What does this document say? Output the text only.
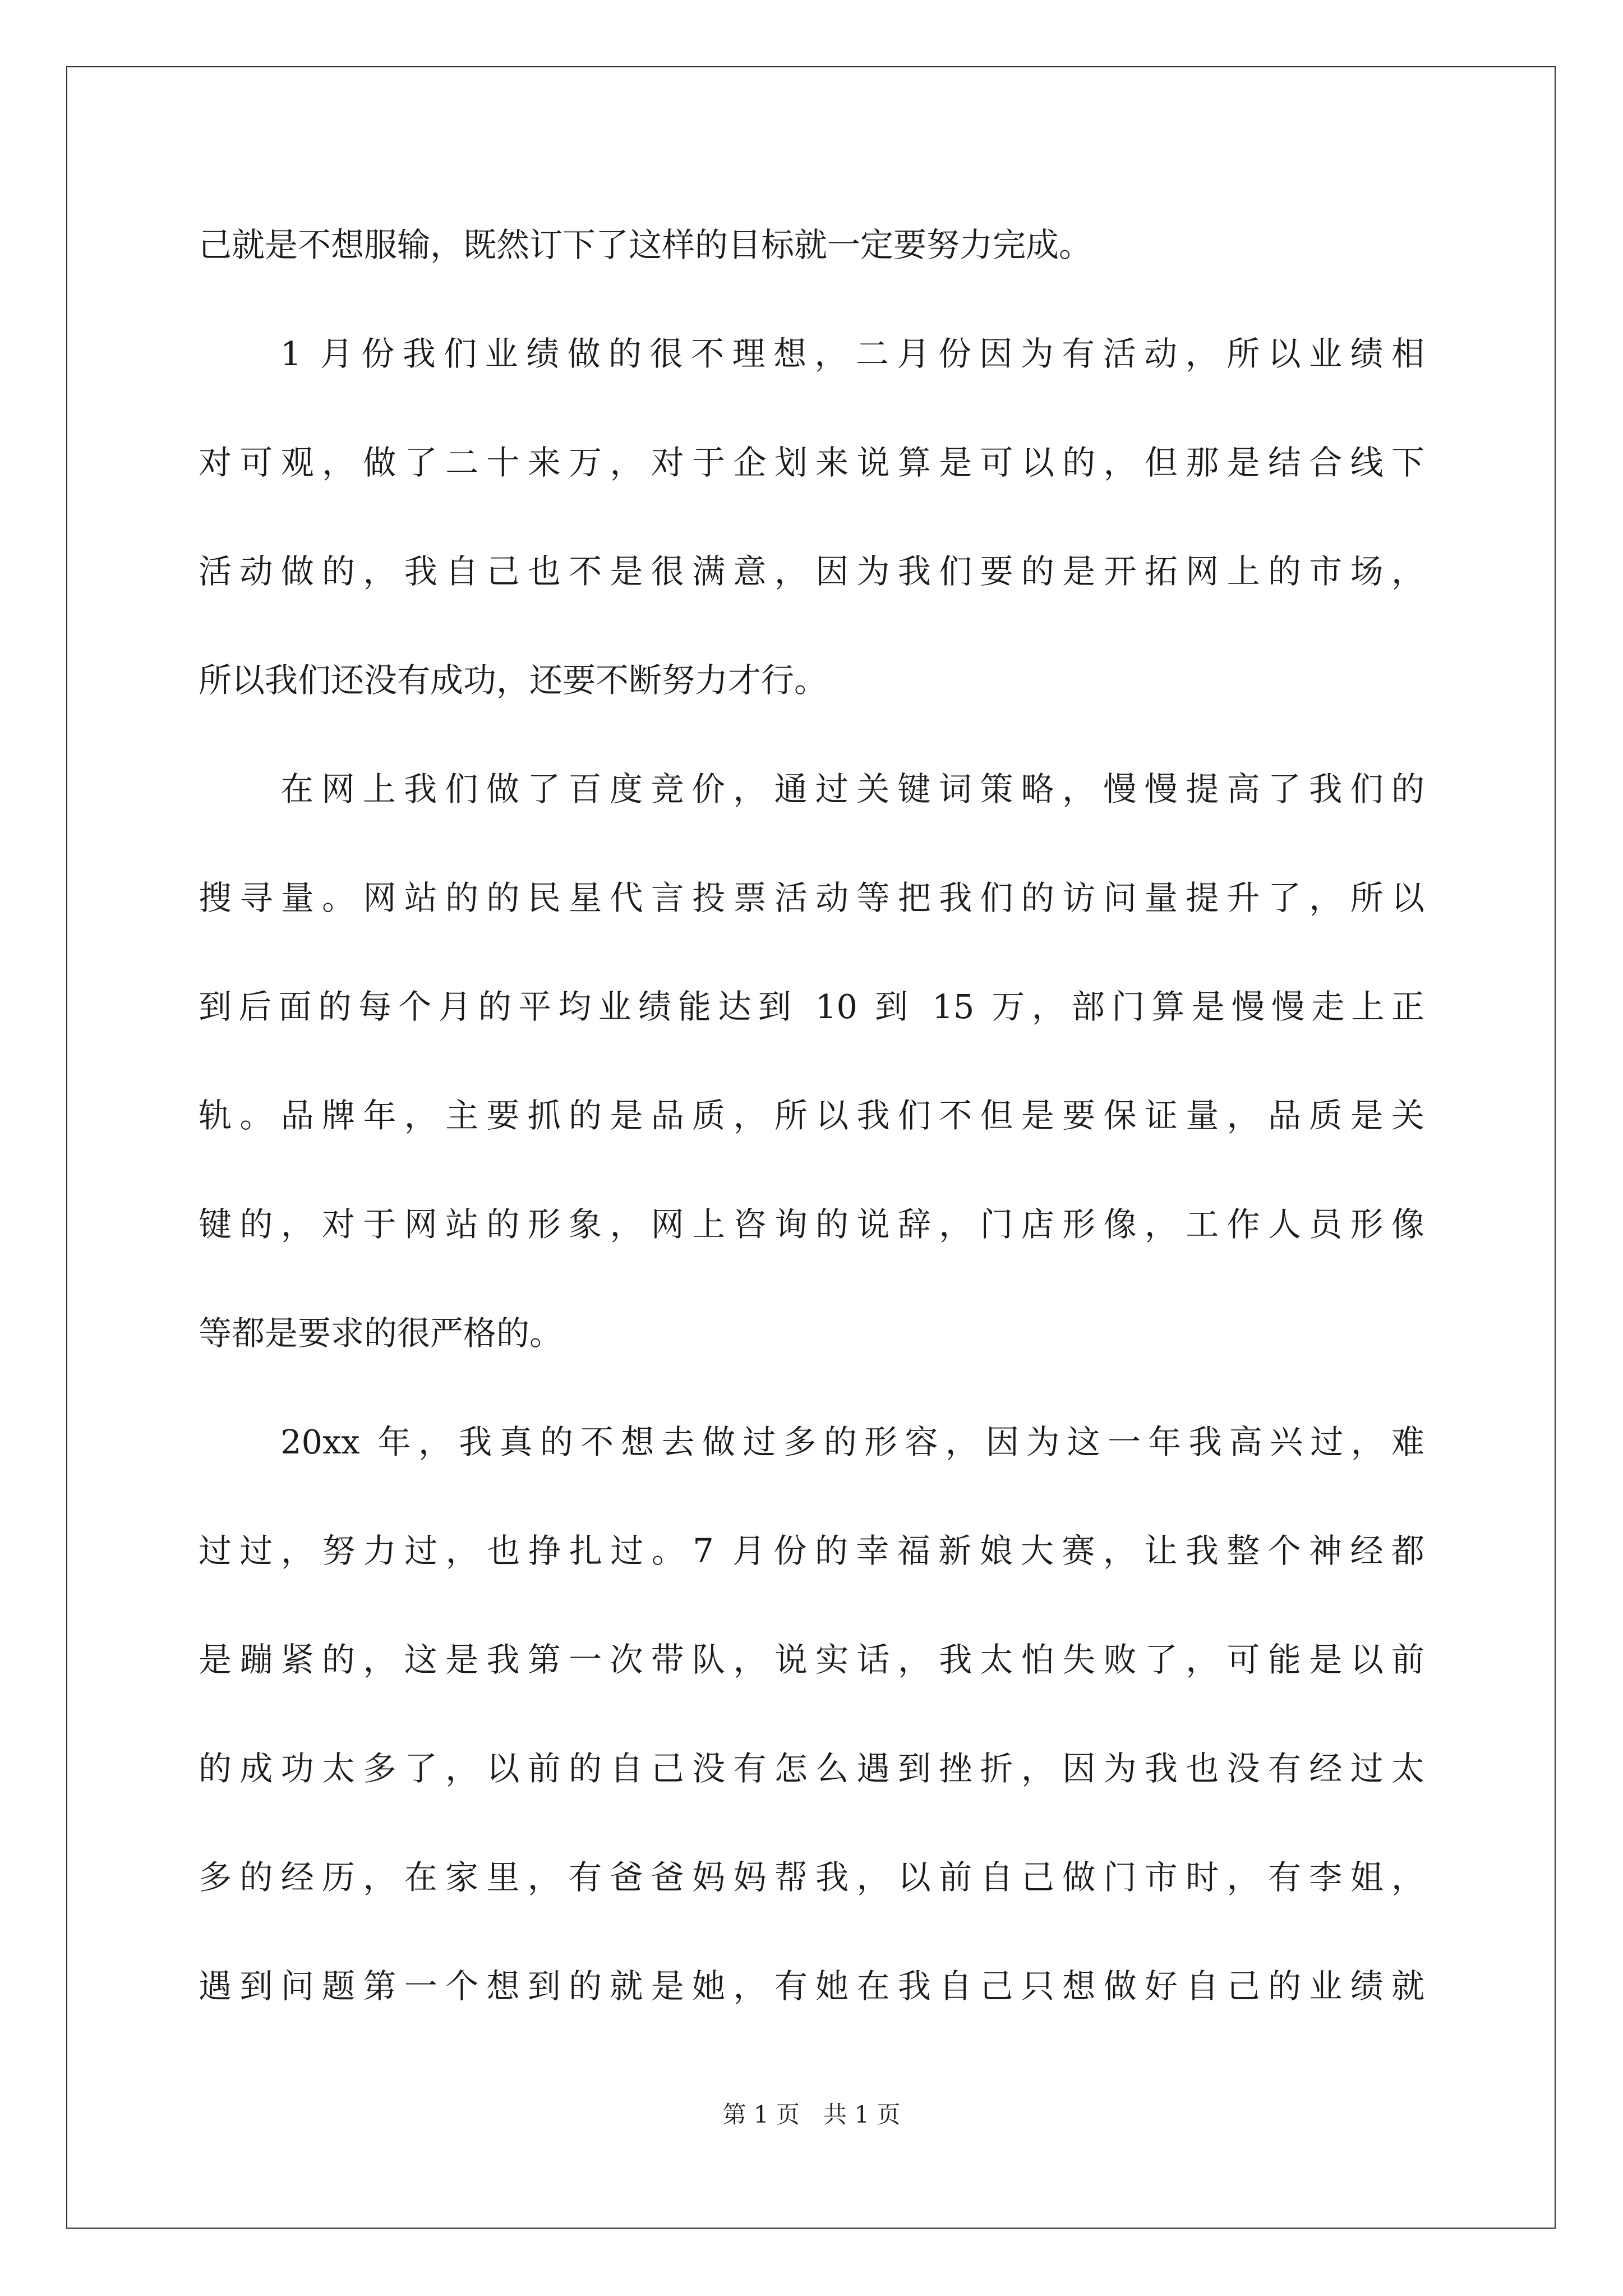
己就是不想服输，既然订下了这样的目标就一定要努力完成。
1 月份我们业绩做的很不理想，二月份因为有活动，所以业绩相
对可观，做了二十来万，对于企划来说算是可以的，但那是结合线下
活动做的，我自己也不是很满意，因为我们要的是开拓网上的市场，
所以我们还没有成功，还要不断努力才行。
在网上我们做了百度竞价，通过关键词策略，慢慢提高了我们的
搜寻量。网站的的民星代言投票活动等把我们的访问量提升了，所以
到后面的每个月的平均业绩能达到 10 到 15 万，部门算是慢慢走上正
轨。品牌年，主要抓的是品质，所以我们不但是要保证量，品质是关
键的，对于网站的形象，网上咨询的说辞，门店形像，工作人员形像
等都是要求的很严格的。
20xx 年，我真的不想去做过多的形容，因为这一年我高兴过，难
过过，努力过，也挣扎过。7 月份的幸福新娘大赛，让我整个神经都
是蹦紧的，这是我第一次带队，说实话，我太怕失败了，可能是以前
的成功太多了，以前的自己没有怎么遇到挫折，因为我也没有经过太
多的经历，在家里，有爸爸妈妈帮我，以前自己做门市时，有李姐，
遇到问题第一个想到的就是她，有她在我自己只想做好自己的业绩就
第 1 页　共 1 页
